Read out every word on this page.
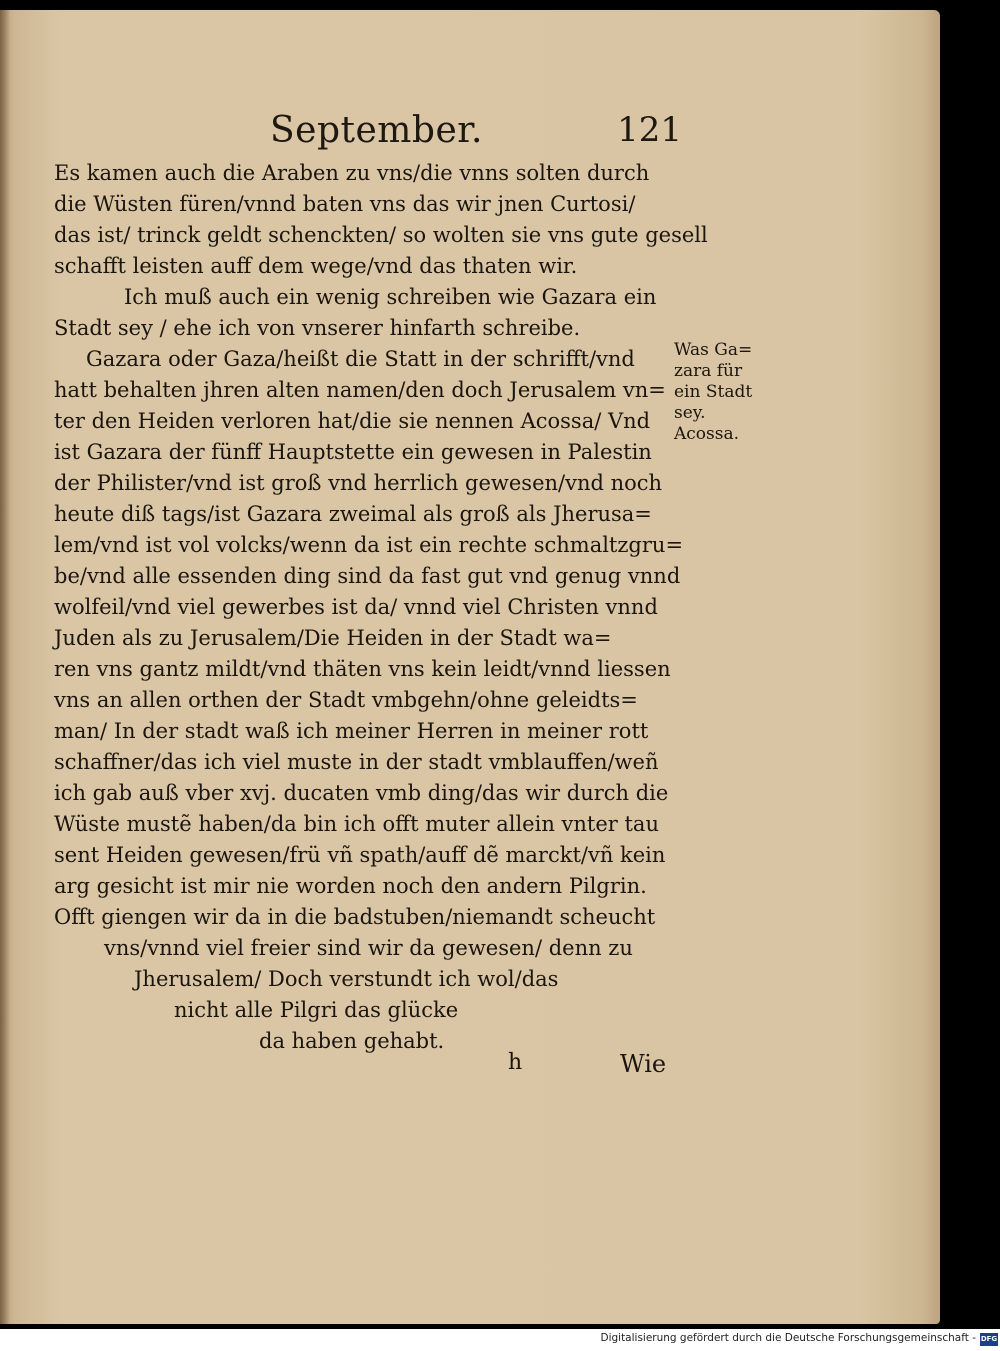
September.	121
Es kamen auch die Araben zu vns/die vnns solten durch
die Wüsten füren/vnnd baten vns das wir jnen Curtosi/
das ist/ trinck geldt schenckten/ so wolten sie vns gute gesell
schafft leisten auff dem wege/vnd das thaten wir.
Ich muß auch ein wenig schreiben wie Gazara ein
Stadt sey / ehe ich von vnserer hinfarth schreibe.
Gazara oder Gaza/heißt die Statt in der schrifft/vnd
hatt behalten jhren alten namen/den doch Jerusalem vn=
ter den Heiden verloren hat/die sie nennen Acossa/ Vnd
ist Gazara der fünff Hauptstette ein gewesen in Palestin
der Philister/vnd ist groß vnd herrlich gewesen/vnd noch
heute diß tags/ist Gazara zweimal als groß als Jherusa=
lem/vnd ist vol volcks/wenn da ist ein rechte schmaltzgru=
be/vnd alle essenden ding sind da fast gut vnd genug vnnd
wolfeil/vnd viel gewerbes ist da/ vnnd viel Christen vnnd
Juden als zu Jerusalem/Die Heiden in der Stadt wa=
ren vns gantz mildt/vnd thäten vns kein leidt/vnnd liessen
vns an allen orthen der Stadt vmbgehn/ohne geleidts=
man/ In der stadt waß ich meiner Herren in meiner rott
schaffner/das ich viel muste in der stadt vmblauffen/weñ
ich gab auß vber xvj. ducaten vmb ding/das wir durch die
Wüste mustẽ haben/da bin ich offt muter allein vnter tau
sent Heiden gewesen/frü vñ spath/auff dẽ marckt/vñ kein
arg gesicht ist mir nie worden noch den andern Pilgrin.
Offt giengen wir da in die badstuben/niemandt scheucht
vns/vnnd viel freier sind wir da gewesen/ denn zu
Jherusalem/ Doch verstundt ich wol/das
nicht alle Pilgri das glücke
da haben gehabt.
Was Ga=
zara für
ein Stadt
sey.
Acossa.
h	Wie
Digitalisierung gefördert durch die Deutsche Forschungsgemeinschaft - DFG
